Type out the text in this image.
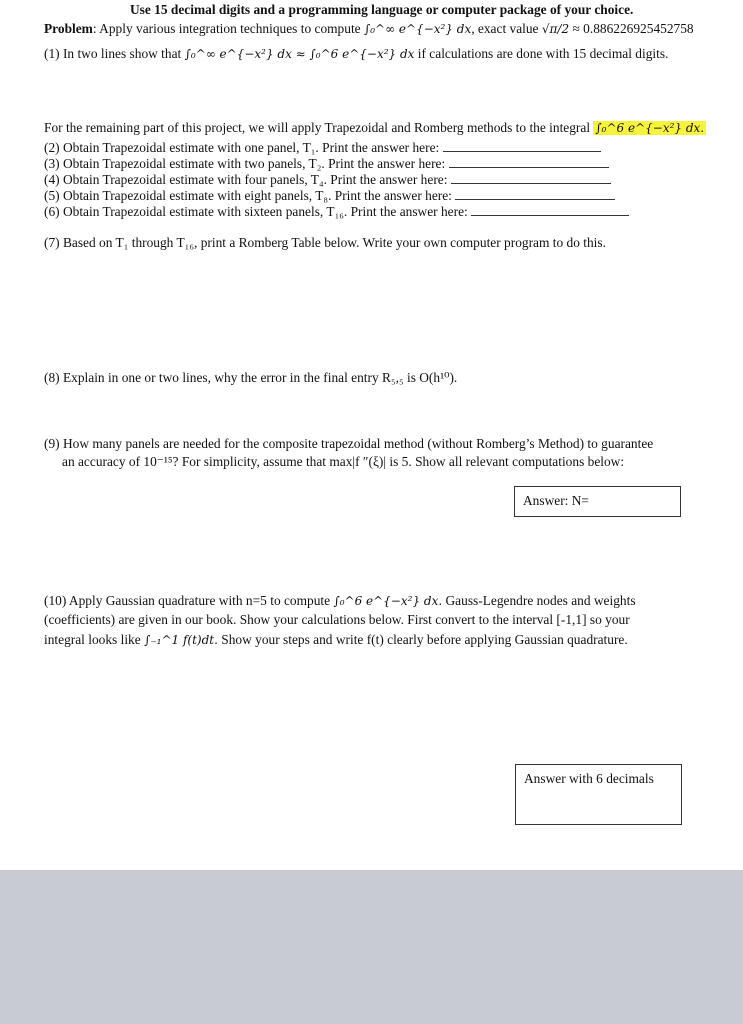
Use 15 decimal digits and a programming language or computer package of your choice.
Problem: Apply various integration techniques to compute ∫₀^∞ e^{−x²} dx, exact value √π/2 ≈ 0.886226925452758
(1) In two lines show that ∫₀^∞ e^{−x²} dx ≈ ∫₀^6 e^{−x²} dx if calculations are done with 15 decimal digits.
For the remaining part of this project, we will apply Trapezoidal and Romberg methods to the integral ∫₀^6 e^{−x²} dx.
(2) Obtain Trapezoidal estimate with one panel, T₁. Print the answer here:
(3) Obtain Trapezoidal estimate with two panels, T₂. Print the answer here:
(4) Obtain Trapezoidal estimate with four panels, T₄. Print the answer here:
(5) Obtain Trapezoidal estimate with eight panels, T₈. Print the answer here:
(6) Obtain Trapezoidal estimate with sixteen panels, T₁₆. Print the answer here:
(7) Based on T₁ through T₁₆, print a Romberg Table below. Write your own computer program to do this.
(8) Explain in one or two lines, why the error in the final entry R₅,₅ is O(h¹⁰).
(9) How many panels are needed for the composite trapezoidal method (without Romberg’s Method) to guarantee
an accuracy of 10⁻¹⁵? For simplicity, assume that max|f ″(ξ)| is 5. Show all relevant computations below:
Answer: N=
(10) Apply Gaussian quadrature with n=5 to compute ∫₀^6 e^{−x²} dx. Gauss-Legendre nodes and weights
(coefficients) are given in our book. Show your calculations below. First convert to the interval [-1,1] so your
integral looks like ∫₋₁^1 f(t)dt. Show your steps and write f(t) clearly before applying Gaussian quadrature.
Answer with 6 decimals
